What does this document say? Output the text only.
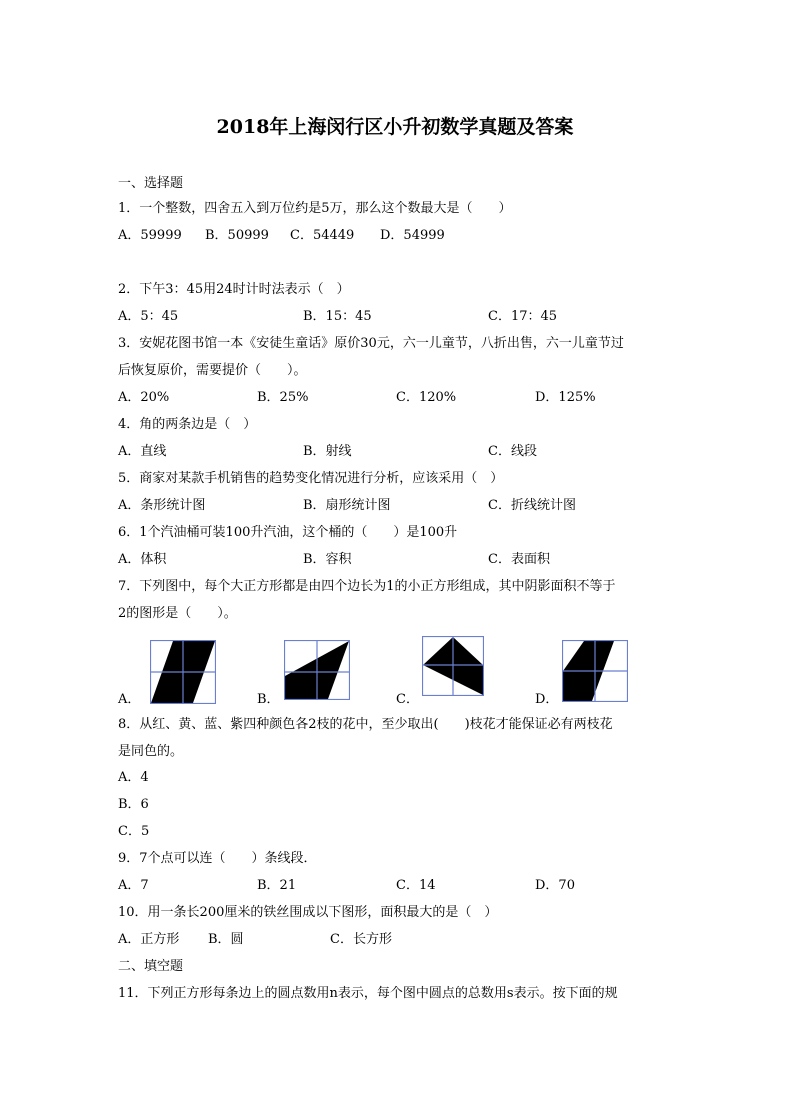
2018年上海闵行区小升初数学真题及答案
一、选择题
1．一个整数，四舍五入到万位约是5万，那么这个数最大是（　　）
A．59999 B．50999 C．54449 D．54999
2．下午3：45用24时计时法表示（　）
A．5：45	B．15：45	C．17：45
3．安妮花图书馆一本《安徒生童话》原价30元，六一儿童节，八折出售，六一儿童节过
后恢复原价，需要提价（　　）。
A．20%	B．25%	C．120%	D．125%
4．角的两条边是（　）
A．直线	B．射线	C．线段
5．商家对某款手机销售的趋势变化情况进行分析，应该采用（　）
A．条形统计图	B．扇形统计图	C．折线统计图
6．1个汽油桶可装100升汽油，这个桶的（　　）是100升
A．体积	B．容积	C．表面积
7．下列图中，每个大正方形都是由四个边长为1的小正方形组成，其中阴影面积不等于
2的图形是（　　）。
A．	B．	C．	D．
8．从红、黄、蓝、紫四种颜色各2枝的花中，至少取出(　　)枝花才能保证必有两枝花
是同色的。
A．4
B．6
C．5
9．7个点可以连（　　）条线段．
A．7	B．21	C．14	D．70
10．用一条长200厘米的铁丝围成以下图形，面积最大的是（　）
A．正方形 B．圆	C．长方形
二、填空题
11．下列正方形每条边上的圆点数用n表示，每个图中圆点的总数用s表示。按下面的规
